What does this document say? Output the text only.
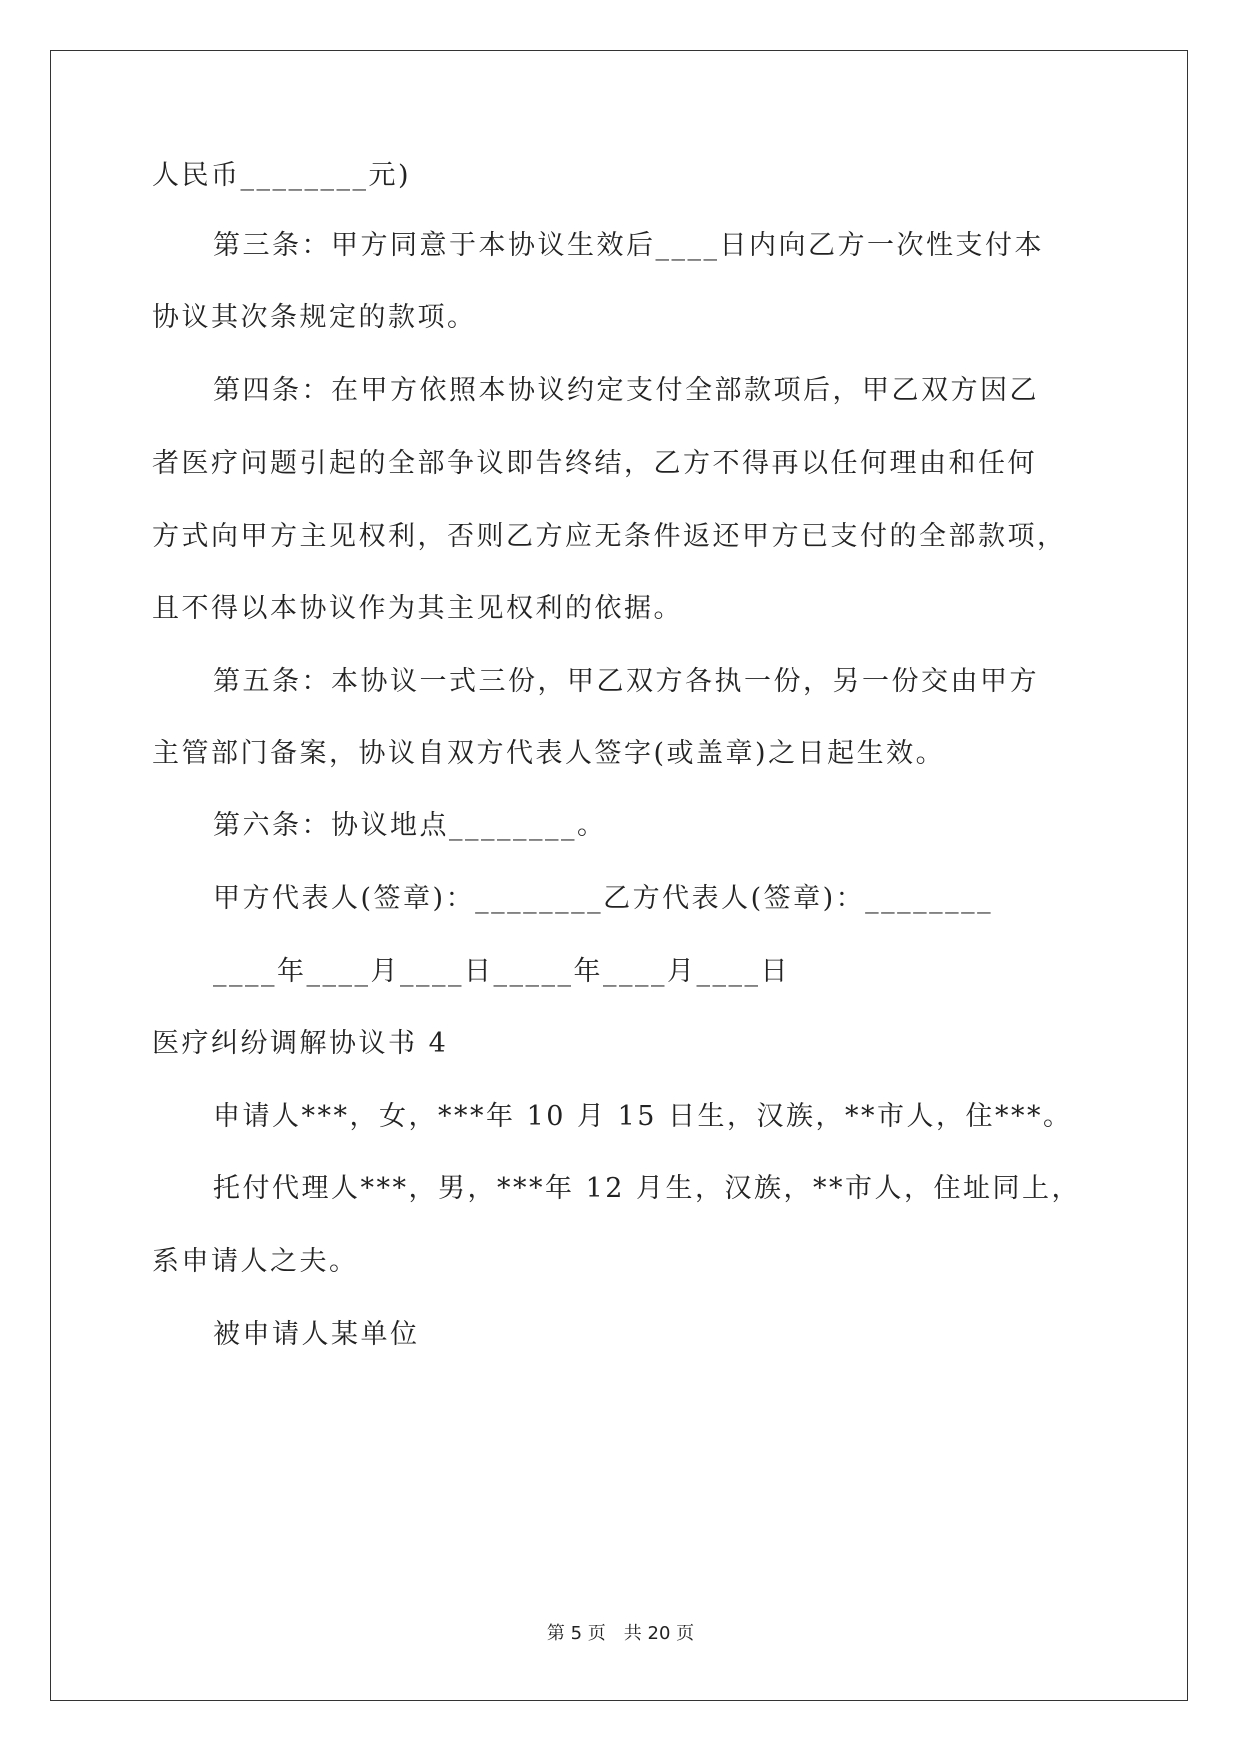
人民币________元)
第三条：甲方同意于本协议生效后____日内向乙方一次性支付本
协议其次条规定的款项。
第四条：在甲方依照本协议约定支付全部款项后，甲乙双方因乙
者医疗问题引起的全部争议即告终结，乙方不得再以任何理由和任何
方式向甲方主见权利，否则乙方应无条件返还甲方已支付的全部款项，
且不得以本协议作为其主见权利的依据。
第五条：本协议一式三份，甲乙双方各执一份，另一份交由甲方
主管部门备案，协议自双方代表人签字(或盖章)之日起生效。
第六条：协议地点________。
甲方代表人(签章)：________乙方代表人(签章)：________
____年____月____日_____年____月____日
医疗纠纷调解协议书 4
申请人***，女，***年 10 月 15 日生，汉族，**市人，住***。
托付代理人***，男，***年 12 月生，汉族，**市人，住址同上，
系申请人之夫。
被申请人某单位
第 5 页 共 20 页
